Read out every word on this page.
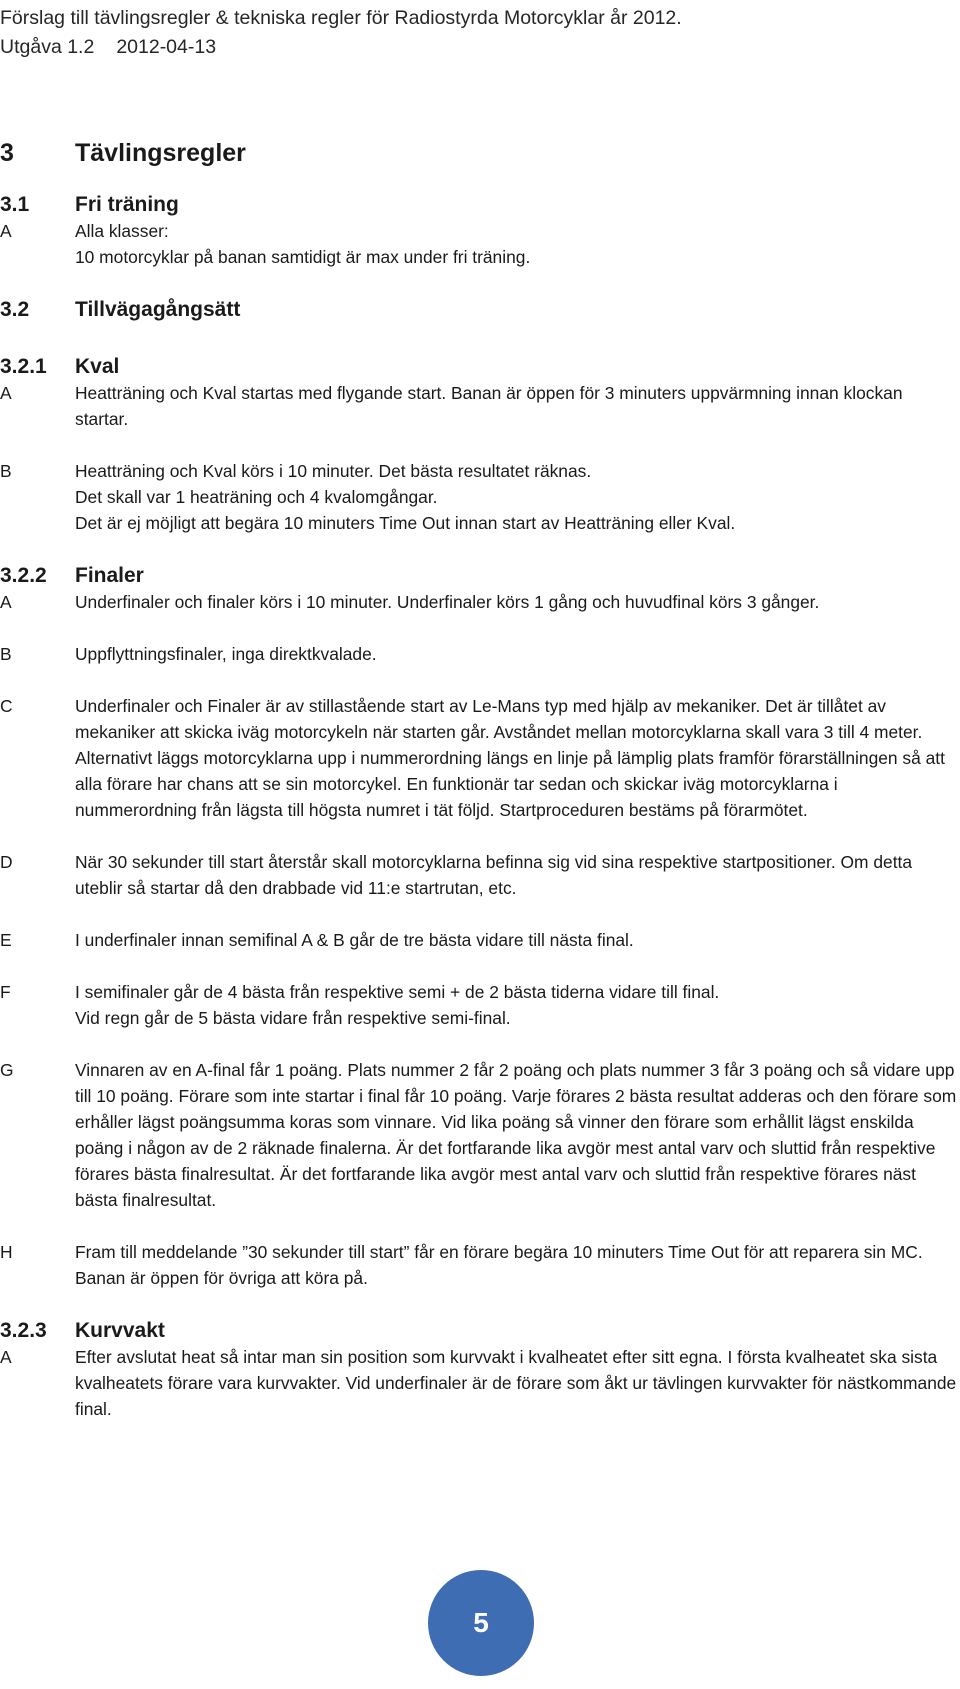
Förslag till tävlingsregler & tekniska regler för Radiostyrda Motorcyklar år 2012.
Utgåva 1.2 2012-04-13
3	Tävlingsregler
3.1	Fri träning
A	Alla klasser:
10 motorcyklar på banan samtidigt är max under fri träning.
3.2	Tillvägagångsätt
3.2.1	Kval
A	Heatträning och Kval startas med flygande start. Banan är öppen för 3 minuters uppvärmning innan klockan startar.
B	Heatträning och Kval körs i 10 minuter. Det bästa resultatet räknas.
Det skall var 1 heaträning och 4 kvalomgångar.
Det är ej möjligt att begära 10 minuters Time Out innan start av Heatträning eller Kval.
3.2.2	Finaler
A	Underfinaler och finaler körs i 10 minuter. Underfinaler körs 1 gång och huvudfinal körs 3 gånger.
B	Uppflyttningsfinaler, inga direktkvalade.
C	Underfinaler och Finaler är av stillastående start av Le-Mans typ med hjälp av mekaniker. Det är tillåtet av mekaniker att skicka iväg motorcykeln när starten går. Avståndet mellan motorcyklarna skall vara 3 till 4 meter. Alternativt läggs motorcyklarna upp i nummerordning längs en linje på lämplig plats framför förarställningen så att alla förare har chans att se sin motorcykel. En funktionär tar sedan och skickar iväg motorcyklarna i nummerordning från lägsta till högsta numret i tät följd. Startproceduren bestäms på förarmötet.
D	När 30 sekunder till start återstår skall motorcyklarna befinna sig vid sina respektive startpositioner. Om detta uteblir så startar då den drabbade vid 11:e startrutan, etc.
E	I underfinaler innan semifinal A & B går de tre bästa vidare till nästa final.
F	I semifinaler går de 4 bästa från respektive semi + de 2 bästa tiderna vidare till final.
Vid regn går de 5 bästa vidare från respektive semi-final.
G	Vinnaren av en A-final får 1 poäng. Plats nummer 2 får 2 poäng och plats nummer 3 får 3 poäng och så vidare upp till 10 poäng. Förare som inte startar i final får 10 poäng. Varje förares 2 bästa resultat adderas och den förare som erhåller lägst poängsumma koras som vinnare. Vid lika poäng så vinner den förare som erhållit lägst enskilda poäng i någon av de 2 räknade finalerna. Är det fortfarande lika avgör mest antal varv och sluttid från respektive förares bästa finalresultat. Är det fortfarande lika avgör mest antal varv och sluttid från respektive förares näst bästa finalresultat.
H	Fram till meddelande ”30 sekunder till start” får en förare begära 10 minuters Time Out för att reparera sin MC. Banan är öppen för övriga att köra på.
3.2.3	Kurvvakt
A	Efter avslutat heat så intar man sin position som kurvvakt i kvalheatet efter sitt egna. I första kvalheatet ska sista kvalheatets förare vara kurvvakter. Vid underfinaler är de förare som åkt ur tävlingen kurvvakter för nästkommande final.
5
